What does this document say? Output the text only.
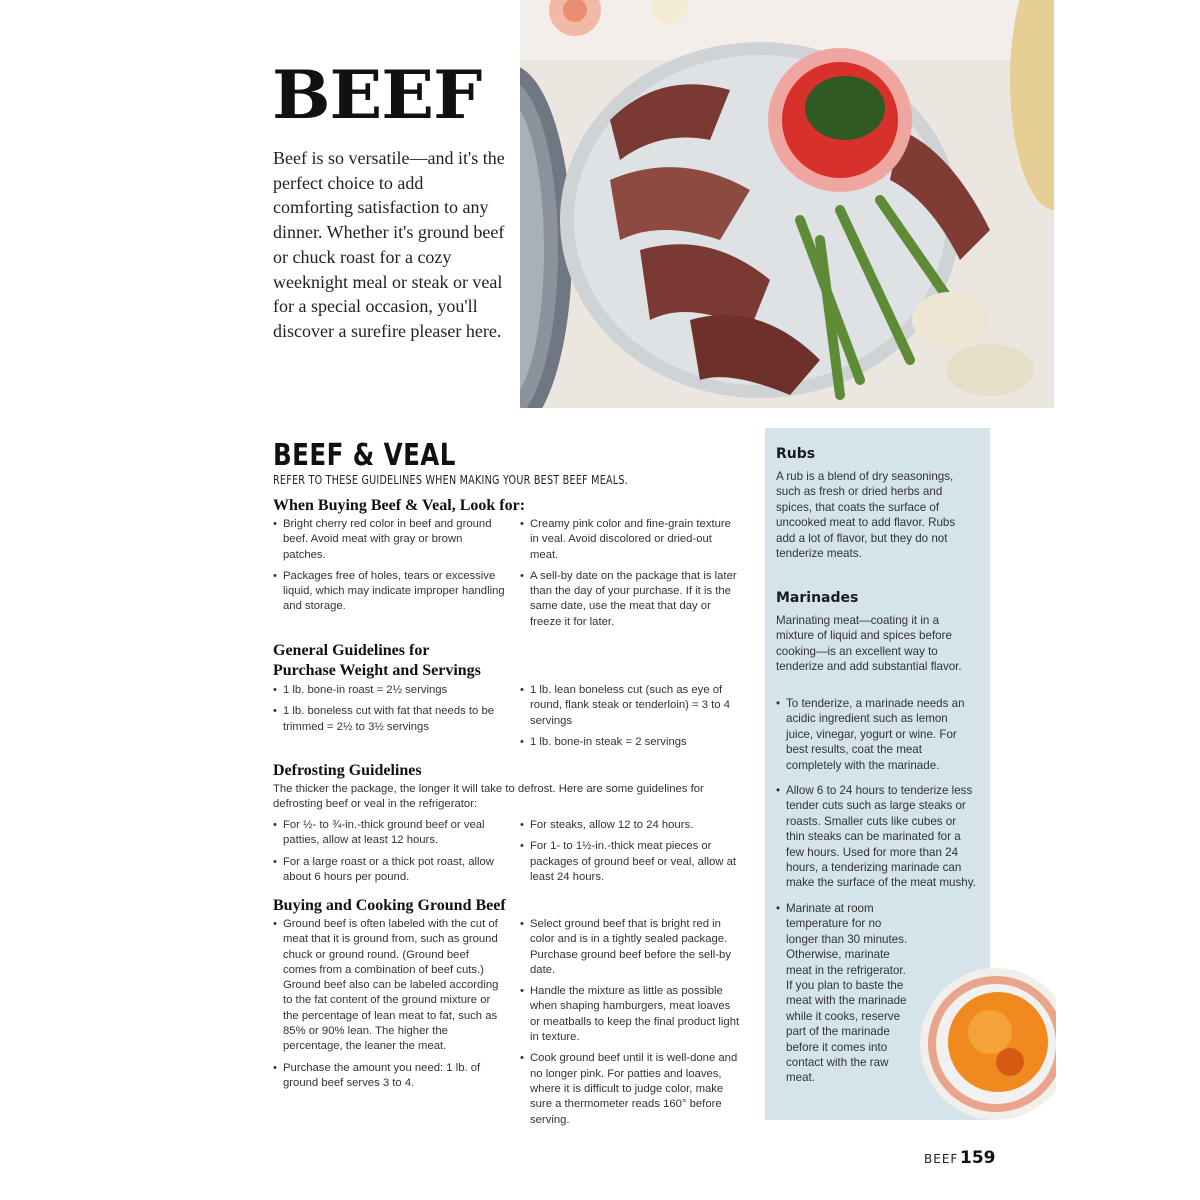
BEEF
Beef is so versatile—and it's the perfect choice to add comforting satisfaction to any dinner. Whether it's ground beef or chuck roast for a cozy weeknight meal or steak or veal for a special occasion, you'll discover a surefire pleaser here.
BEEF & VEAL
REFER TO THESE GUIDELINES WHEN MAKING YOUR BEST BEEF MEALS.
When Buying Beef & Veal, Look for:
• Bright cherry red color in beef and ground beef. Avoid meat with gray or brown patches.
• Packages free of holes, tears or excessive liquid, which may indicate improper handling and storage.
• Creamy pink color and fine-grain texture in veal. Avoid discolored or dried-out meat.
• A sell-by date on the package that is later than the day of your purchase. If it is the same date, use the meat that day or freeze it for later.
General Guidelines for
Purchase Weight and Servings
• 1 lb. bone-in roast = 2½ servings
• 1 lb. boneless cut with fat that needs to be trimmed = 2½ to 3½ servings
• 1 lb. lean boneless cut (such as eye of round, flank steak or tenderloin) = 3 to 4 servings
• 1 lb. bone-in steak = 2 servings
Defrosting Guidelines
The thicker the package, the longer it will take to defrost. Here are some guidelines for defrosting beef or veal in the refrigerator:
• For ½- to ¾-in.-thick ground beef or veal patties, allow at least 12 hours.
• For a large roast or a thick pot roast, allow about 6 hours per pound.
• For steaks, allow 12 to 24 hours.
• For 1- to 1½-in.-thick meat pieces or packages of ground beef or veal, allow at least 24 hours.
Buying and Cooking Ground Beef
• Ground beef is often labeled with the cut of meat that it is ground from, such as ground chuck or ground round. (Ground beef comes from a combination of beef cuts.) Ground beef also can be labeled according to the fat content of the ground mixture or the percentage of lean meat to fat, such as 85% or 90% lean. The higher the percentage, the leaner the meat.
• Purchase the amount you need: 1 lb. of ground beef serves 3 to 4.
• Select ground beef that is bright red in color and is in a tightly sealed package. Purchase ground beef before the sell-by date.
• Handle the mixture as little as possible when shaping hamburgers, meat loaves or meatballs to keep the final product light in texture.
• Cook ground beef until it is well-done and no longer pink. For patties and loaves, where it is difficult to judge color, make sure a thermometer reads 160° before serving.
Rubs
A rub is a blend of dry seasonings, such as fresh or dried herbs and spices, that coats the surface of uncooked meat to add flavor. Rubs add a lot of flavor, but they do not tenderize meats.
Marinades
Marinating meat—coating it in a mixture of liquid and spices before cooking—is an excellent way to tenderize and add substantial flavor.
• To tenderize, a marinade needs an acidic ingredient such as lemon juice, vinegar, yogurt or wine. For best results, coat the meat completely with the marinade.
• Allow 6 to 24 hours to tenderize less tender cuts such as large steaks or roasts. Smaller cuts like cubes or thin steaks can be marinated for a few hours. Used for more than 24 hours, a tenderizing marinade can make the surface of the meat mushy.
• Marinate at room temperature for no longer than 30 minutes. Otherwise, marinate meat in the refrigerator. If you plan to baste the meat with the marinade while it cooks, reserve part of the marinade before it comes into contact with the raw meat.
BEEF 159
